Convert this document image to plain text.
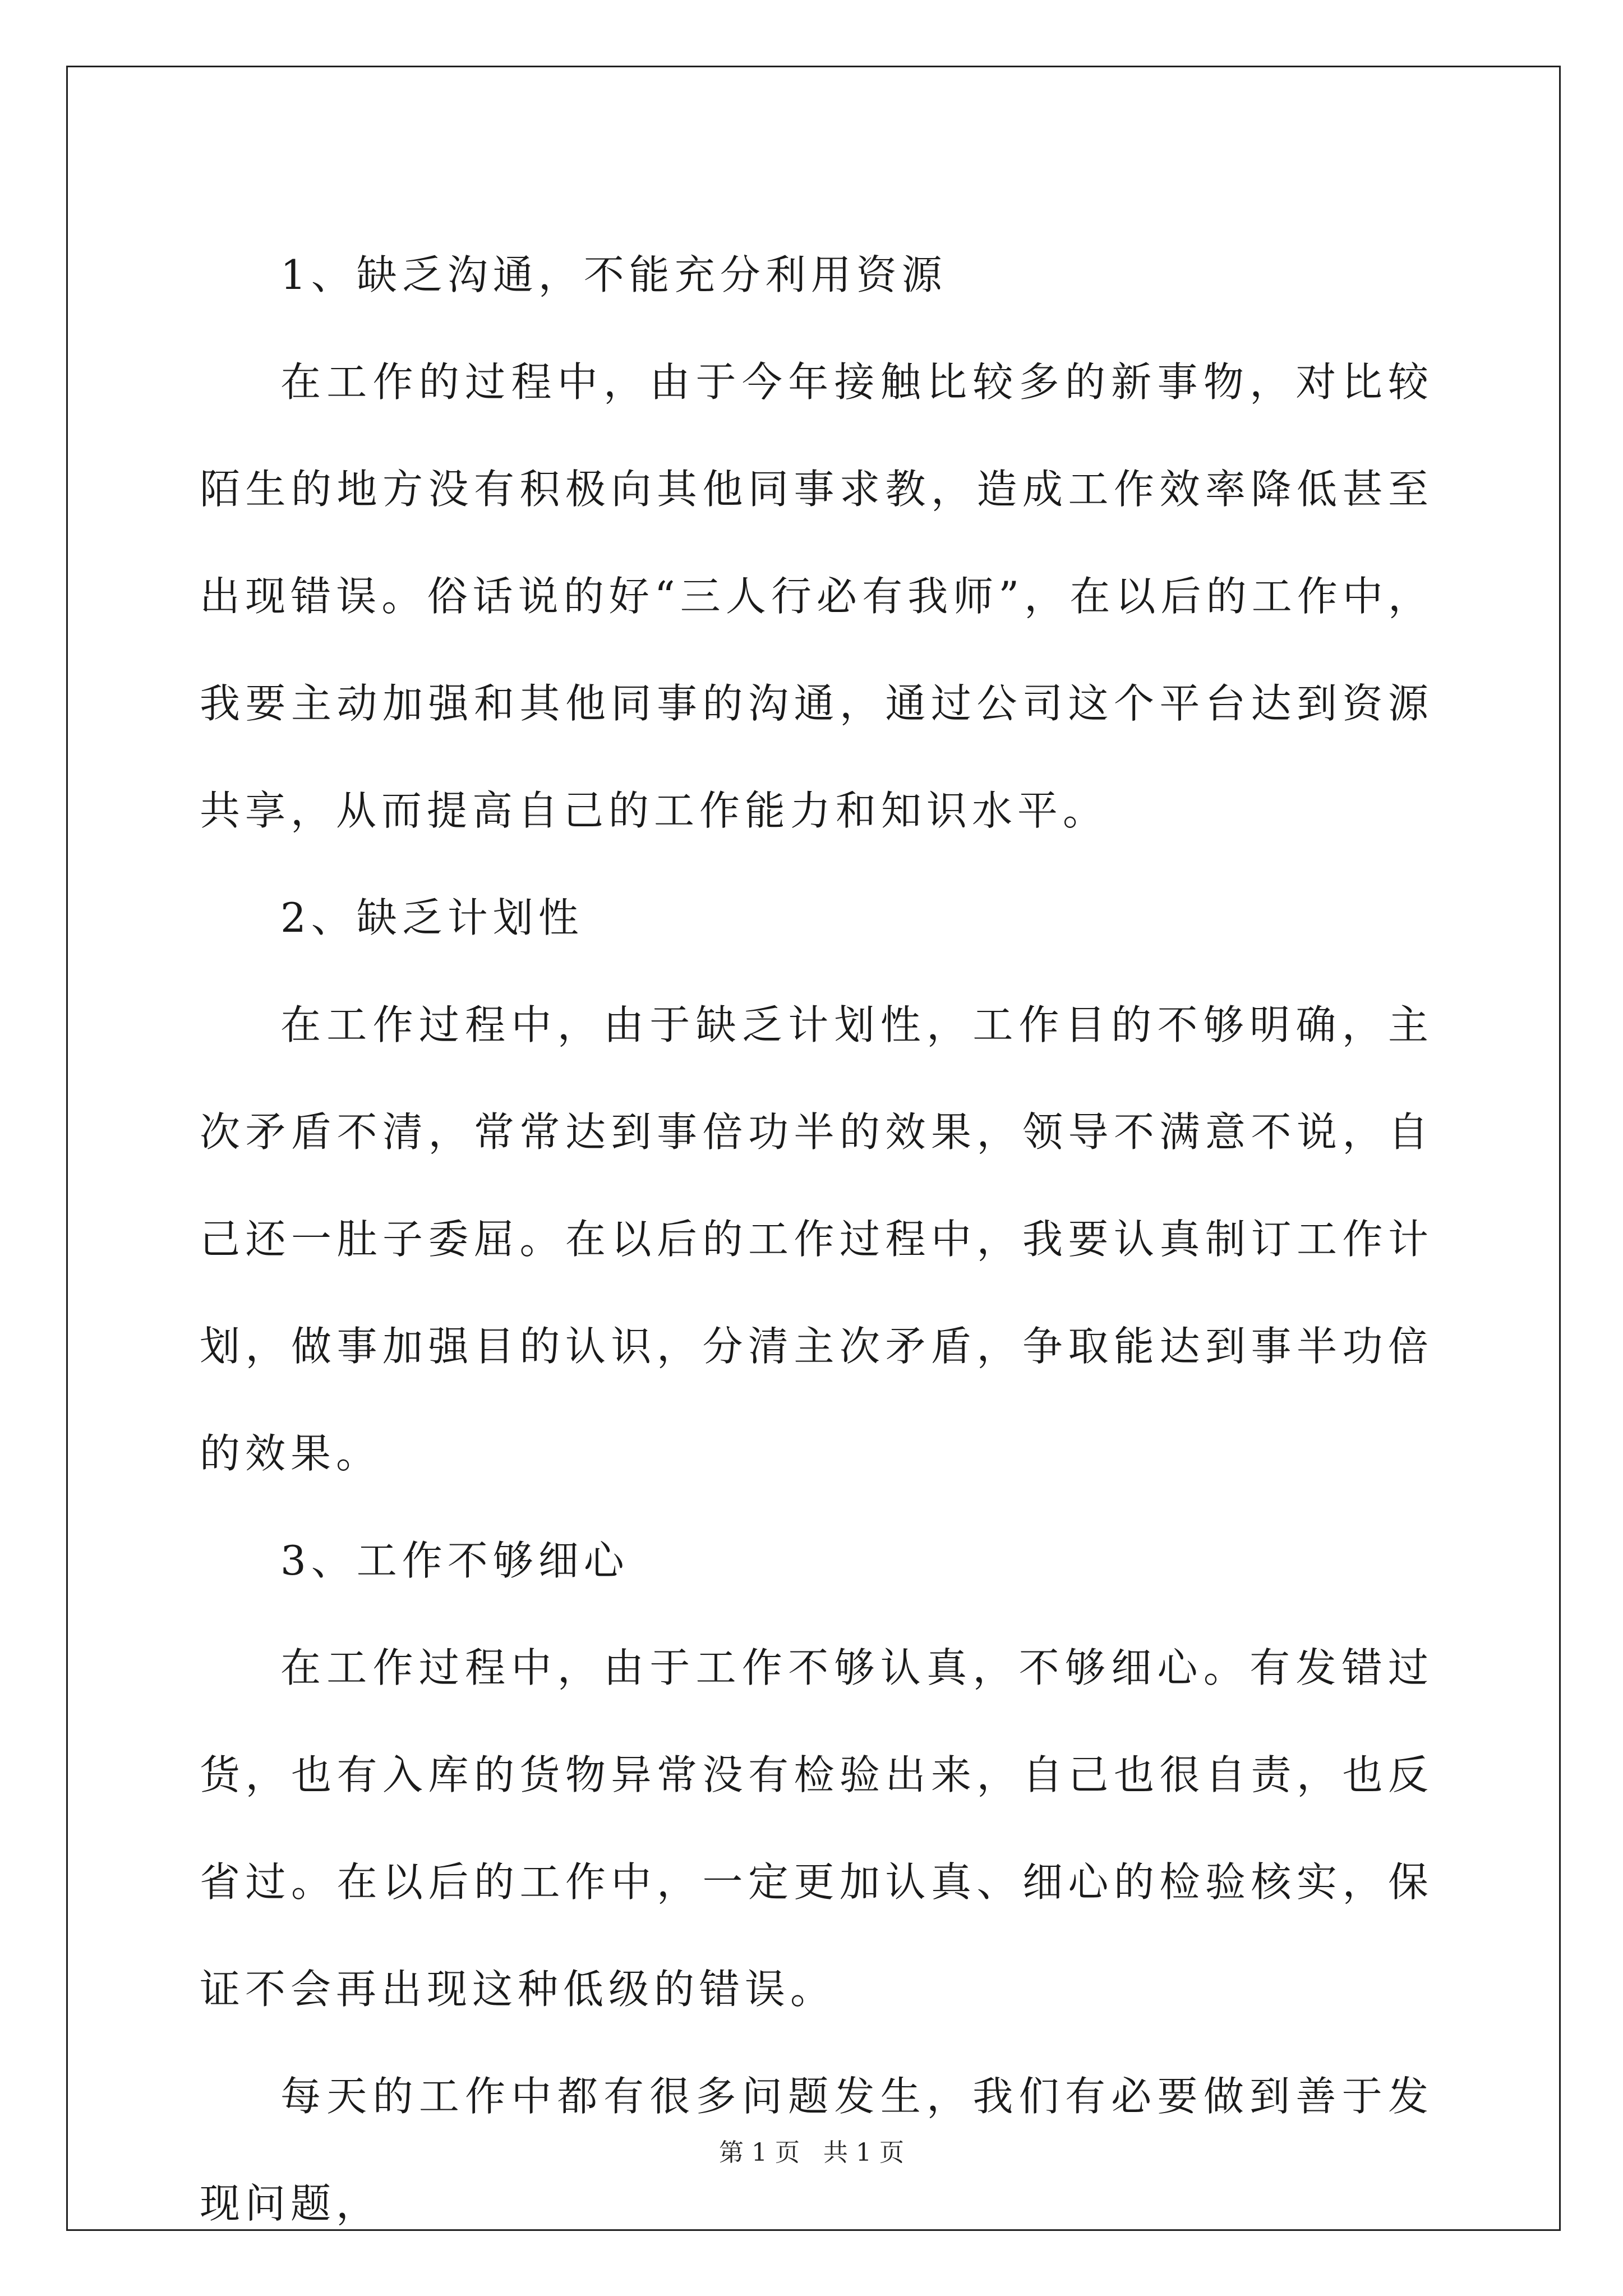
1、缺乏沟通，不能充分利用资源

在工作的过程中，由于今年接触比较多的新事物，对比较陌生的地方没有积极向其他同事求教，造成工作效率降低甚至出现错误。俗话说的好“三人行必有我师”，在以后的工作中，我要主动加强和其他同事的沟通，通过公司这个平台达到资源共享，从而提高自己的工作能力和知识水平。

2、缺乏计划性

在工作过程中，由于缺乏计划性，工作目的不够明确，主次矛盾不清，常常达到事倍功半的效果，领导不满意不说，自己还一肚子委屈。在以后的工作过程中，我要认真制订工作计划，做事加强目的认识，分清主次矛盾，争取能达到事半功倍的效果。

3、工作不够细心

在工作过程中，由于工作不够认真，不够细心。有发错过货，也有入库的货物异常没有检验出来，自己也很自责，也反省过。在以后的工作中，一定更加认真、细心的检验核实，保证不会再出现这种低级的错误。

每天的工作中都有很多问题发生，我们有必要做到善于发现问题，

第 1 页   共 1 页
